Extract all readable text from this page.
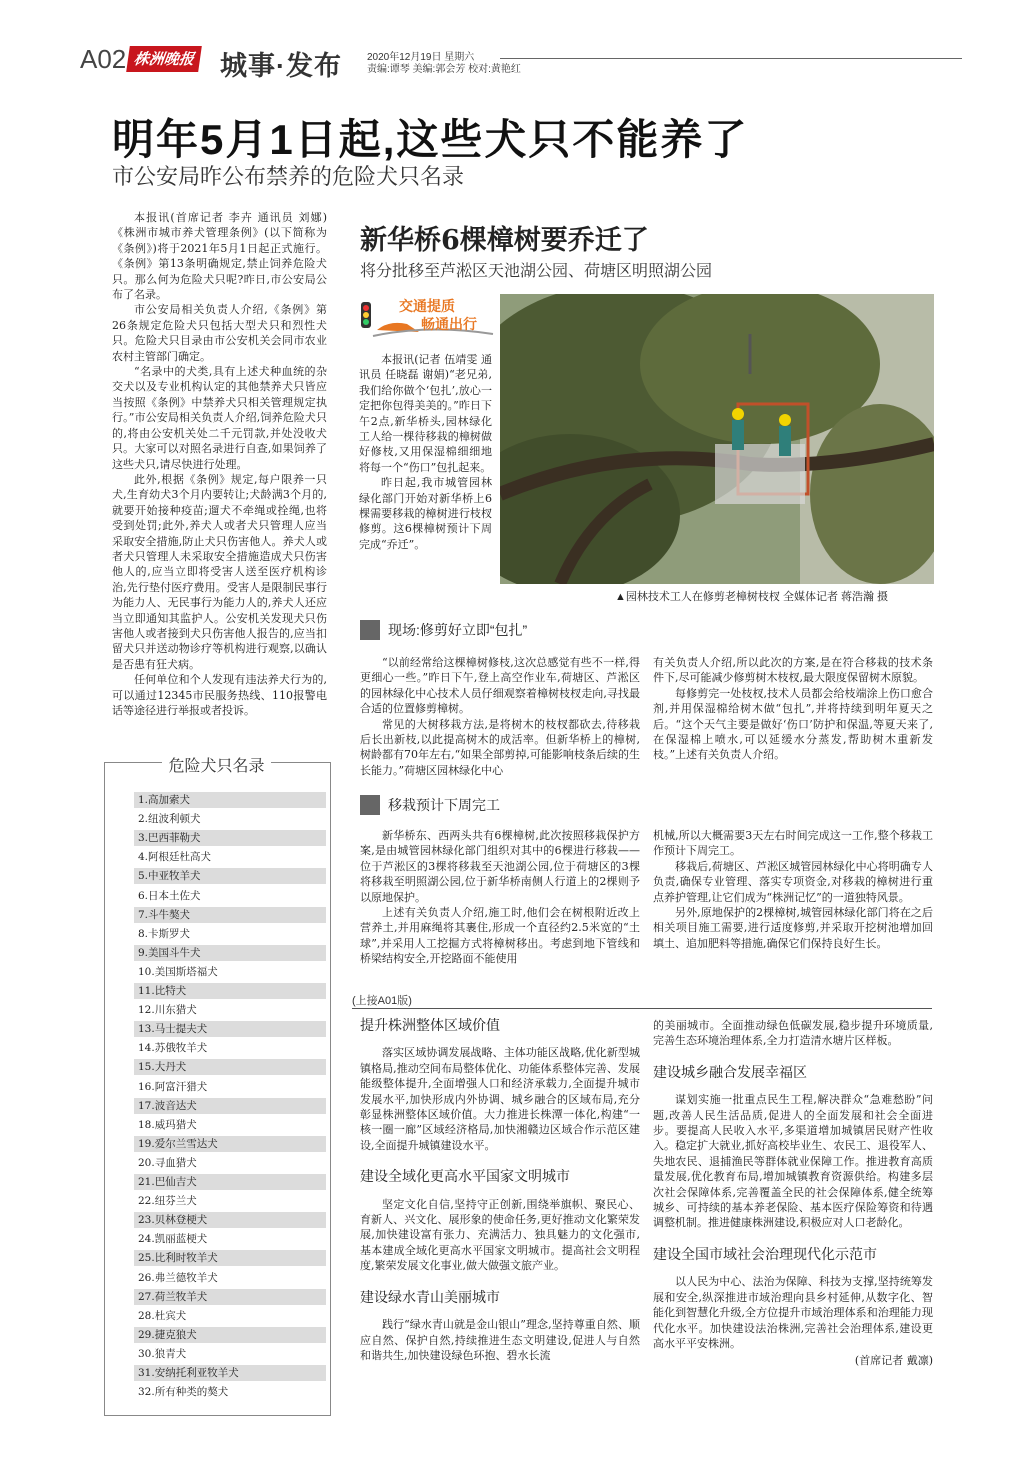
A02 株洲晚报 城事·发布	2020年12月19日 星期六
责编:谭琴 美编:郭会芳 校对:黄艳红
明年5月1日起,这些犬只不能养了
市公安局昨公布禁养的危险犬只名录

本报讯(首席记者 李卉 通讯员 刘娜)《株洲市城市养犬管理条例》(以下简称为《条例》)将于2021年5月1日起正式施行。《条例》第13条明确规定,禁止饲养危险犬只。那么何为危险犬只呢?昨日,市公安局公布了名录。

市公安局相关负责人介绍,《条例》第26条规定危险犬只包括大型犬只和烈性犬只。危险犬只目录由市公安机关会同市农业农村主管部门确定。

“名录中的犬类,具有上述犬种血统的杂交犬以及专业机构认定的其他禁养犬只皆应当按照《条例》中禁养犬只相关管理规定执行。”市公安局相关负责人介绍,饲养危险犬只的,将由公安机关处二千元罚款,并处没收犬只。大家可以对照名录进行自查,如果饲养了这些犬只,请尽快进行处理。

此外,根据《条例》规定,每户限养一只犬,生育幼犬3个月内要转让;犬龄满3个月的,就要开始接种疫苗;遛犬不牵绳或拴绳,也将受到处罚;此外,养犬人或者犬只管理人应当采取安全措施,防止犬只伤害他人。养犬人或者犬只管理人未采取安全措施造成犬只伤害他人的,应当立即将受害人送至医疗机构诊治,先行垫付医疗费用。受害人是限制民事行为能力人、无民事行为能力人的,养犬人还应当立即通知其监护人。公安机关发现犬只伤害他人或者接到犬只伤害他人报告的,应当扣留犬只并送动物诊疗等机构进行观察,以确认是否患有狂犬病。

任何单位和个人发现有违法养犬行为的,可以通过12345市民服务热线、110报警电话等途径进行举报或者投诉。

危险犬只名录
1.高加索犬
2.纽波利顿犬
3.巴西菲勒犬
4.阿根廷杜高犬
5.中亚牧羊犬
6.日本土佐犬
7.斗牛獒犬
8.卡斯罗犬
9.美国斗牛犬
10.美国斯塔福犬
11.比特犬
12.川东猎犬
13.马士提夫犬
14.苏俄牧羊犬
15.大丹犬
16.阿富汗猎犬
17.波音达犬
18.威玛猎犬
19.爱尔兰雪达犬
20.寻血猎犬
21.巴仙吉犬
22.纽芬兰犬
23.贝林登梗犬
24.凯丽蓝梗犬
25.比利时牧羊犬
26.弗兰德牧羊犬
27.荷兰牧羊犬
28.杜宾犬
29.捷克狼犬
30.狼青犬
31.安纳托利亚牧羊犬
32.所有种类的獒犬
新华桥6棵樟树要乔迁了
将分批移至芦淞区天池湖公园、荷塘区明照湖公园
交通提质
畅通出行

本报讯(记者 伍靖雯 通讯员 任晓磊 谢娟)“老兄弟,我们给你做个‘包扎’,放心一定把你包得美美的。”昨日下午2点,新华桥头,园林绿化工人给一棵待移栽的樟树做好修枝,又用保湿棉细细地将每一个“伤口”包扎起来。

昨日起,我市城管园林绿化部门开始对新华桥上6棵需要移栽的樟树进行枝杈修剪。这6棵樟树预计下周完成“乔迁”。

▲园林技术工人在修剪老樟树枝杈 全媒体记者 蒋浩瀚 摄
现场:修剪好立即“包扎”

“以前经常给这棵樟树修枝,这次总感觉有些不一样,得更细心一些。”昨日下午,登上高空作业车,荷塘区、芦淞区的园林绿化中心技术人员仔细观察着樟树枝杈走向,寻找最合适的位置修剪樟树。

常见的大树移栽方法,是将树木的枝杈都砍去,待移栽后长出新枝,以此提高树木的成活率。但新华桥上的樟树,树龄都有70年左右,“如果全部剪掉,可能影响枝条后续的生长能力。”荷塘区园林绿化中心

有关负责人介绍,所以此次的方案,是在符合移栽的技术条件下,尽可能减少修剪树木枝杈,最大限度保留树木原貌。

每修剪完一处枝杈,技术人员都会给枝端涂上伤口愈合剂,并用保湿棉给树木做“包扎”,并将持续到明年夏天之后。“这个天气主要是做好‘伤口’防护和保温,等夏天来了,在保湿棉上喷水,可以延缓水分蒸发,帮助树木重新发枝。”上述有关负责人介绍。

移栽预计下周完工

新华桥东、西两头共有6棵樟树,此次按照移栽保护方案,是由城管园林绿化部门组织对其中的6棵进行移栽——位于芦淞区的3棵将移栽至天池湖公园,位于荷塘区的3棵将移栽至明照湖公园,位于新华桥南侧人行道上的2棵则予以原地保护。

上述有关负责人介绍,施工时,他们会在树根附近改上营养土,并用麻绳将其裹住,形成一个直径约2.5米宽的“土球”,并采用人工挖掘方式将樟树移出。考虑到地下管线和桥梁结构安全,开挖路面不能使用

机械,所以大概需要3天左右时间完成这一工作,整个移栽工作预计下周完工。

移栽后,荷塘区、芦淞区城管园林绿化中心将明确专人负责,确保专业管理、落实专项资金,对移栽的樟树进行重点养护管理,让它们成为“株洲记忆”的一道独特风景。

另外,原地保护的2棵樟树,城管园林绿化部门将在之后相关项目施工需要,进行适度修剪,并采取开挖树池增加回填土、追加肥料等措施,确保它们保持良好生长。

(上接A01版)
提升株洲整体区域价值

落实区域协调发展战略、主体功能区战略,优化新型城镇格局,推动空间布局整体优化、功能体系整体完善、发展能级整体提升,全面增强人口和经济承载力,全面提升城市发展水平,加快形成内外协调、城乡融合的区域布局,充分彰显株洲整体区域价值。大力推进长株潭一体化,构建“一核一圈一廊”区域经济格局,加快湘赣边区域合作示范区建设,全面提升城镇建设水平。

建设全域化更高水平国家文明城市

坚定文化自信,坚持守正创新,围绕举旗帜、聚民心、育新人、兴文化、展形象的使命任务,更好推动文化繁荣发展,加快建设富有张力、充满活力、独具魅力的文化强市,基本建成全域化更高水平国家文明城市。提高社会文明程度,繁荣发展文化事业,做大做强文旅产业。

建设绿水青山美丽城市

践行“绿水青山就是金山银山”理念,坚持尊重自然、顺应自然、保护自然,持续推进生态文明建设,促进人与自然和谐共生,加快建设绿色环抱、碧水长流

的美丽城市。全面推动绿色低碳发展,稳步提升环境质量,完善生态环境治理体系,全力打造清水塘片区样板。

建设城乡融合发展幸福区

谋划实施一批重点民生工程,解决群众“急难愁盼”问题,改善人民生活品质,促进人的全面发展和社会全面进步。要提高人民收入水平,多渠道增加城镇居民财产性收入。稳定扩大就业,抓好高校毕业生、农民工、退役军人、失地农民、退捕渔民等群体就业保障工作。推进教育高质量发展,优化教育布局,增加城镇教育资源供给。构建多层次社会保障体系,完善覆盖全民的社会保障体系,健全统筹城乡、可持续的基本养老保险、基本医疗保险筹资和待遇调整机制。推进健康株洲建设,积极应对人口老龄化。

建设全国市域社会治理现代化示范市

以人民为中心、法治为保障、科技为支撑,坚持统筹发展和安全,纵深推进市域治理向县乡村延伸,从数字化、智能化到智慧化升级,全方位提升市域治理体系和治理能力现代化水平。加快建设法治株洲,完善社会治理体系,建设更高水平平安株洲。

(首席记者 戴凛)
